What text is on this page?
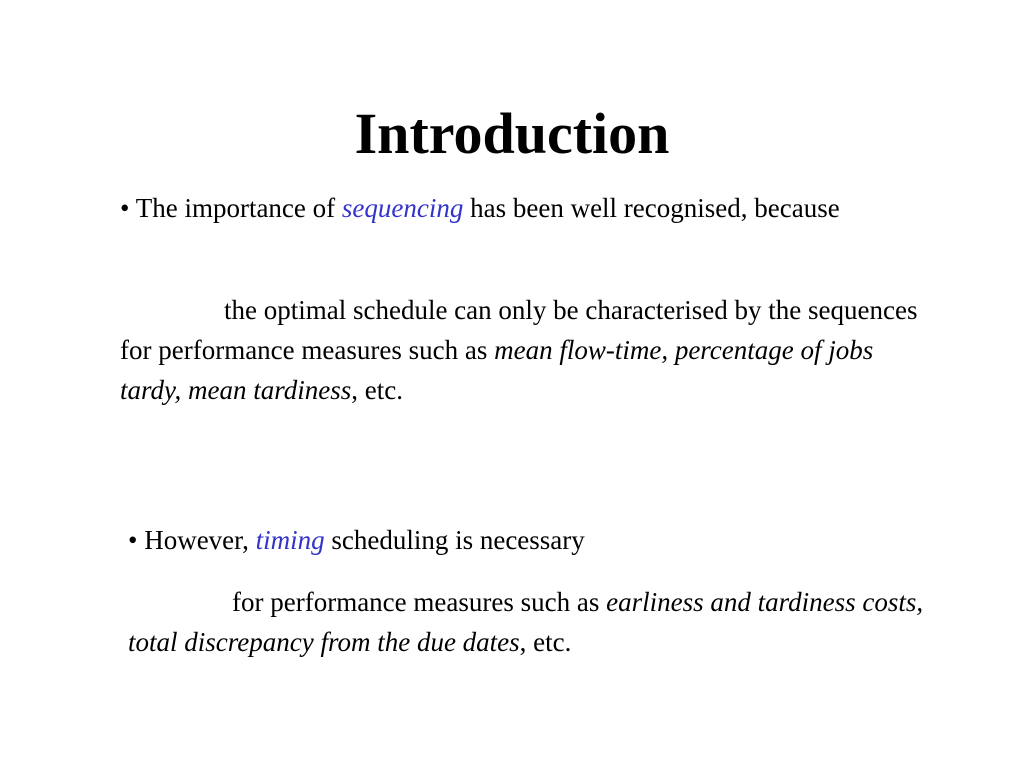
Introduction

• The importance of sequencing has been well recognised, because

the optimal schedule can only be characterised by the sequences for performance measures such as mean flow-time, percentage of jobs tardy, mean tardiness, etc.

• However, timing scheduling is necessary

for performance measures such as earliness and tardiness costs, total discrepancy from the due dates, etc.
